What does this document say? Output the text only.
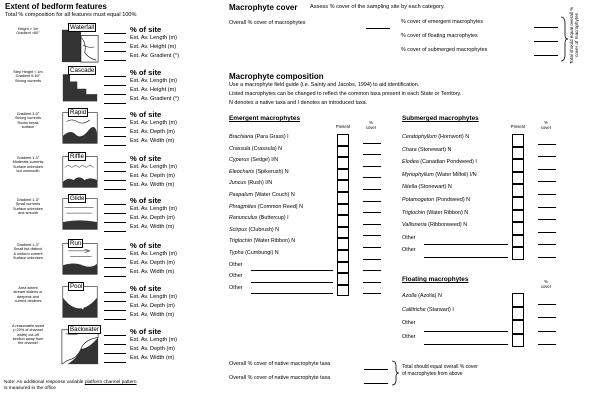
Extent of bedform features
Total % composition for all features must equal 100%
Height > 1m
Gradient >60°
Waterfall	% of site
Est. Av. Length (m)
Est. Av. Height (m)
Est. Av. Gradient (°)
Step Height < 1m
Gradient 5-60°
Strong currents
Cascade	% of site
Est. Av. Length (m)
Est. Av. Height (m)
Est. Av. Gradient (°)
Gradient 3-5°
Strong currents
Rocks break
surface
Rapid	% of site
Est. Av. Length (m)
Est. Av. Depth (m)
Est. Av. Width (m)
Gradient 1-3°
Moderate currents
Surface unbroken
but unsmooth
Riffle	% of site
Est. Av. Length (m)
Est. Av. Depth (m)
Est. Av. Width (m)
Gradient 1-3°
Small currents
Surface unbroken
and smooth
Glide	% of site
Est. Av. Length (m)
Est. Av. Depth (m)
Est. Av. Width (m)
Gradient 1-3°
Small but distinct
& uniform current
Surface unbroken
Run	% of site
Est. Av. Length (m)
Est. Av. Depth (m)
Est. Av. Width (m)
Area where
stream widens or
deepens and
current declines
Pool	% of site
Est. Av. Length (m)
Est. Av. Depth (m)
Est. Av. Width (m)
A reasonable sized
(>20% of channel
width) cut-off
section away from
the channel
Backwater	% of site
Est. Av. Length (m)
Est. Av. Depth (m)
Est. Av. Width (m)
Note: An additional response variable platform channel pattern
is measured in the office
Macrophyte cover Assess % cover of the sampling site by each category.
Overall % cover of macrophytes	% cover of emergent macrophytes
% cover of floating macrophytes
% cover of submerged macrophytes	Total should equal overall %
cover of macrophytes
Macrophyte composition
Use a macrophyte field guide (i.e. Sainty and Jacobs, 1994) to aid identification.
Listed macrophytes can be changed to reflect the common taxa present in each State or Territory.
N denotes a native taxa and I denotes an introduced taxa.
Emergent macrophytes
Present
%
cover
Brachiaria (Para Grass) I
Crassula (Crassula) N
Cyperus (Sedge) I/N
Eleocharis (Spikerush) N
Juncus (Rush) I/N
Paspalum (Water Couch) N
Phragmites (Common Reed) N
Ranunculus (Buttercup) I
Scirpus (Clubrush) N
Triglochin (Water Ribbon) N
Typha (Cumbungi) N
Other
Other
Other
Submerged macrophytes
Present
%
cover
Ceratophyllum (Hornwort) N
Chara (Stonewart) N
Elodea (Canadian Pondweed) I
Myriophyllum (Water Milfoil) I/N
Nitella (Stonewart) N
Potamogeton (Pondweed) N
Triglochin (Water Ribbon) N
Vallisneria (Ribbonweed) N
Other
Other
Floating macrophytes	%
cover
Azolla (Azolla) N
Callitriche (Starwart) I
Other
Other
Overall % cover of native macrophyte taxa
Overall % cover of native macrophyte taxa
Total should equal overall % cover
of macrophytes from above
